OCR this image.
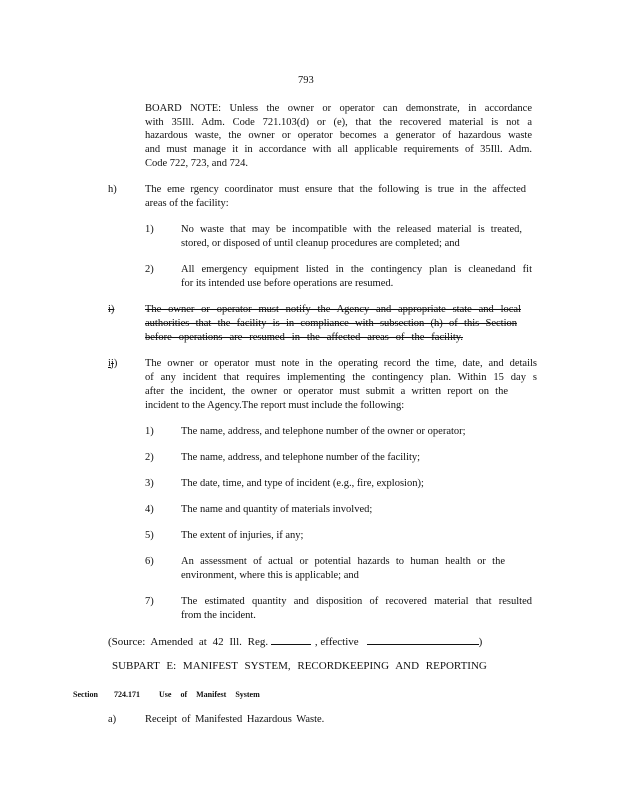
793
BOARD NOTE: Unless the owner or operator can demonstrate, in accordance
with 35Ill. Adm. Code 721.103(d) or (e), that the recovered material is not a
hazardous waste, the owner or operator becomes a generator of hazardous waste
and must manage it in accordance with all applicable requirements of 35Ill. Adm.
Code 722, 723, and 724.
h)	The eme rgency coordinator must ensure that the following is true in the affected
areas of the facility:
1)	No waste that may be incompatible with the released material is treated,
stored, or disposed of until cleanup procedures are completed; and
2)	All emergency equipment listed in the contingency plan is cleanedand fit
for its intended use before operations are resumed.
i)	The owner or operator must notify the Agency and appropriate state and local
authorities that the facility is in compliance with subsection (h) of this Section
before operations are resumed in the affected areas of the facility.
ij)	The owner or operator must note in the operating record the time, date, and details
of any incident that requires implementing the contingency plan. Within 15 day s
after the incident, the owner or operator must submit a written report on the
incident to the Agency.The report must include the following:
1)	The name, address, and telephone number of the owner or operator;
2)	The name, address, and telephone number of the facility;
3)	The date, time, and type of incident (e.g., fire, explosion);
4)	The name and quantity of materials involved;
5)	The extent of injuries, if any;
6)	An assessment of actual or potential hazards to human health or the
environment, where this is applicable; and
7)	The estimated quantity and disposition of recovered material that resulted
from the incident.
(Source: Amended at 42 Ill. Reg.	, effective	)
SUBPART E: MANIFEST SYSTEM, RECORDKEEPING AND REPORTING
Section 724.171 Use of Manifest System
a)	Receipt of Manifested Hazardous Waste.
